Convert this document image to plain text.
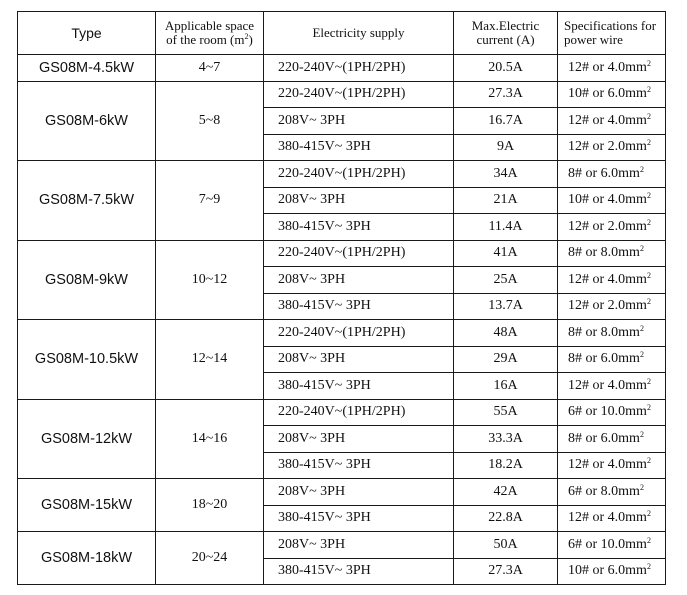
Type	Applicable space of the room $(m^2)$	Electricity supply	Max.Electric current (A)	Specifications for power wire
GS08M-4.5kW	4~7	220-240V~(1PH/2PH)	20.5A	12# or $4.0mm^2$
GS08M-6kW	5~8	220-240V~(1PH/2PH)	27.3A	10# or $6.0mm^2$
		208V~ 3PH	16.7A	12# or $4.0mm^2$
		380-415V~ 3PH	9A	12# or $2.0mm^2$
GS08M-7.5kW	7~9	220-240V~(1PH/2PH)	34A	8# or $6.0mm^2$
		208V~ 3PH	21A	10# or $4.0mm^2$
		380-415V~ 3PH	11.4A	12# or $2.0mm^2$
GS08M-9kW	10~12	220-240V~(1PH/2PH)	41A	8# or $8.0mm^2$
		208V~ 3PH	25A	12# or $4.0mm^2$
		380-415V~ 3PH	13.7A	12# or $2.0mm^2$
GS08M-10.5kW	12~14	220-240V~(1PH/2PH)	48A	8# or $8.0mm^2$
		208V~ 3PH	29A	8# or $6.0mm^2$
		380-415V~ 3PH	16A	12# or $4.0mm^2$
GS08M-12kW	14~16	220-240V~(1PH/2PH)	55A	6# or $10.0mm^2$
		208V~ 3PH	33.3A	8# or $6.0mm^2$
		380-415V~ 3PH	18.2A	12# or $4.0mm^2$
GS08M-15kW	18~20	208V~ 3PH	42A	6# or $8.0mm^2$
		380-415V~ 3PH	22.8A	12# or $4.0mm^2$
GS08M-18kW	20~24	208V~ 3PH	50A	6# or $10.0mm^2$
		380-415V~ 3PH	27.3A	10# or $6.0mm^2$
